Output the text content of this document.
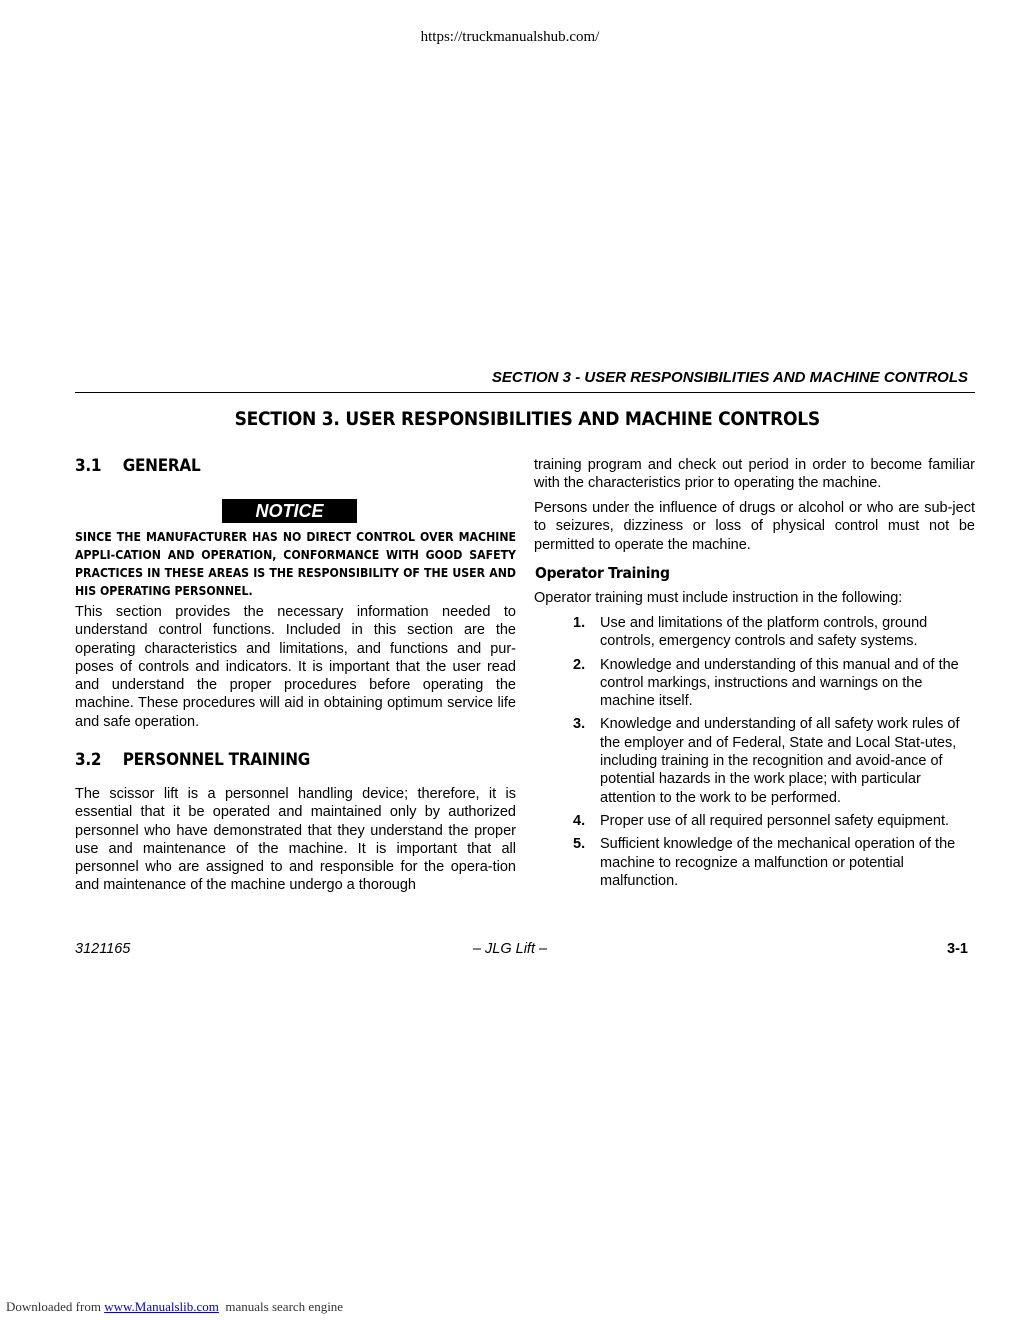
https://truckmanualshub.com/
SECTION 3 - USER RESPONSIBILITIES AND MACHINE CONTROLS
SECTION 3. USER RESPONSIBILITIES AND MACHINE CONTROLS
3.1 GENERAL
NOTICE
SINCE THE MANUFACTURER HAS NO DIRECT CONTROL OVER MACHINE APPLI-CATION AND OPERATION, CONFORMANCE WITH GOOD SAFETY PRACTICES IN THESE AREAS IS THE RESPONSIBILITY OF THE USER AND HIS OPERATING PERSONNEL.
This section provides the necessary information needed to understand control functions. Included in this section are the operating characteristics and limitations, and functions and pur-poses of controls and indicators. It is important that the user read and understand the proper procedures before operating the machine. These procedures will aid in obtaining optimum service life and safe operation.
3.2 PERSONNEL TRAINING
The scissor lift is a personnel handling device; therefore, it is essential that it be operated and maintained only by authorized personnel who have demonstrated that they understand the proper use and maintenance of the machine. It is important that all personnel who are assigned to and responsible for the opera-tion and maintenance of the machine undergo a thorough
training program and check out period in order to become familiar with the characteristics prior to operating the machine.
Persons under the influence of drugs or alcohol or who are sub-ject to seizures, dizziness or loss of physical control must not be permitted to operate the machine.
Operator Training
Operator training must include instruction in the following:
1. Use and limitations of the platform controls, ground controls, emergency controls and safety systems.
2. Knowledge and understanding of this manual and of the control markings, instructions and warnings on the machine itself.
3. Knowledge and understanding of all safety work rules of the employer and of Federal, State and Local Stat-utes, including training in the recognition and avoid-ance of potential hazards in the work place; with particular attention to the work to be performed.
4. Proper use of all required personnel safety equipment.
5. Sufficient knowledge of the mechanical operation of the machine to recognize a malfunction or potential malfunction.
3121165	– JLG Lift –	3-1
Downloaded from www.Manualslib.com  manuals search engine
